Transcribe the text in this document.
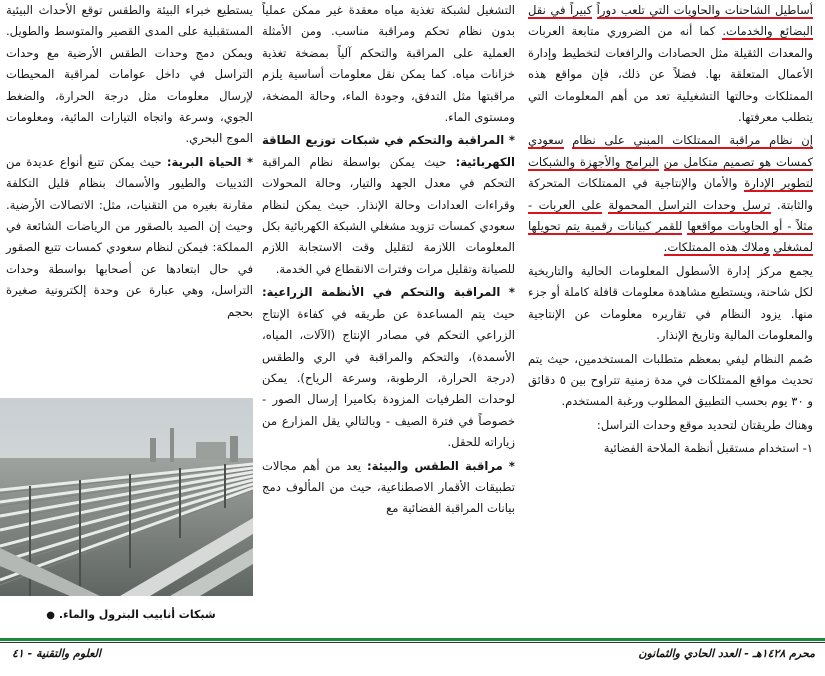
أساطيل الشاحنات والحاويات التي تلعب دوراً كبيراً في نقل البضائع والخدمات. كما أنه من الضروري متابعة العربات والمعدات الثقيلة مثل الحصادات والرافعات لتخطيط وإدارة الأعمال المتعلقة بها. فضلاً عن ذلك، فإن مواقع هذه الممتلكات وحالتها التشغيلية تعد من أهم المعلومات التي يتطلب معرفتها.

إن نظام مراقبة الممتلكات المبني على نظام سعودي كمسات هو تصميم متكامل من البرامج والأجهزة والشبكات لتطوير الإدارة والأمان والإنتاجية في الممتلكات المتحركة والثابتة. ترسل وحدات التراسل المحمولة على العربات - مثلاً - أو الحاويات مواقعها للقمر كبيانات رقمية يتم تحويلها لمشغلي وملاك هذه الممتلكات.

يجمع مركز إدارة الأسطول المعلومات الحالية والتاريخية لكل شاحنة، ويستطيع مشاهدة معلومات قافلة كاملة أو جزء منها. يزود النظام في تقاريره معلومات عن الإنتاجية والمعلومات المالية وتاريخ الإنذار.

صُمم النظام ليفي بمعظم متطلبات المستخدمين، حيث يتم تحديث مواقع الممتلكات في مدة زمنية تتراوح بين ٥ دقائق و ٣٠ يوم بحسب التطبيق المطلوب ورغبة المستخدم.

وهناك طريقتان لتحديد موقع وحدات التراسل:

١- استخدام مستقبل أنظمة الملاحة الفضائية

التشغيل لشبكة تغذية مياه معقدة غير ممكن عملياً بدون نظام تحكم ومراقبة مناسب. ومن الأمثلة العملية على المراقبة والتحكم آلياً بمضخة تغذية خزانات مياه. كما يمكن نقل معلومات أساسية يلزم مراقبتها مثل التدفق، وجودة الماء، وحالة المضخة، ومستوى الماء.

* المراقبة والتحكم في شبكات توزيع الطاقة الكهربائية: حيث يمكن بواسطة نظام المراقبة التحكم في معدل الجهد والتيار، وحالة المحولات وقراءات العدادات وحالة الإنذار. حيث يمكن لنظام سعودي كمسات تزويد مشغلي الشبكة الكهربائية بكل المعلومات اللازمة لتقليل وقت الاستجابة اللازم للصيانة وتقليل مرات وفترات الانقطاع في الخدمة.

* المراقبة والتحكم في الأنظمة الزراعية: حيث يتم المساعدة عن طريقه في كفاءة الإنتاج الزراعي التحكم في مصادر الإنتاج (الآلات، المياه، الأسمدة)، والتحكم والمراقبة في الري والطقس (درجة الحرارة، الرطوبة، وسرعة الرياح). يمكن لوحدات الطرفيات المزودة بكاميرا إرسال الصور - خصوصاً في فترة الصيف - وبالتالي يقل المزارع من زياراته للحقل.

* مراقبة الطقس والبيئة: يعد من أهم مجالات تطبيقات الأقمار الاصطناعية، حيث من المألوف دمج بيانات المراقبة الفضائية مع

يستطيع خبراء البيئة والطقس توقع الأحداث البيئية المستقبلية على المدى القصير والمتوسط والطويل. ويمكن دمج وحدات الطقس الأرضية مع وحدات التراسل في داخل عوامات لمراقبة المحيطات لإرسال معلومات مثل درجة الحرارة، والضغط الجوي، وسرعة واتجاه التيارات المائية، ومعلومات الموج البحري.

* الحياة البرية: حيث يمكن تتبع أنواع عديدة من الثدييات والطيور والأسماك بنظام قليل التكلفة مقارنة بغيره من التقنيات، مثل: الاتصالات الأرضية. وحيث إن الصيد بالصقور من الرياضات الشائعة في المملكة: فيمكن لنظام سعودي كمسات تتبع الصقور في حال ابتعادها عن أصحابها بواسطة وحدات التراسل، وهي عبارة عن وحدة إلكترونية صغيرة بحجم

شبكات أنابيب البترول والماء. ●
محرم ١٤٢٨هـ - العدد الحادي والثمانون
العلوم والتقنية - ٤١
